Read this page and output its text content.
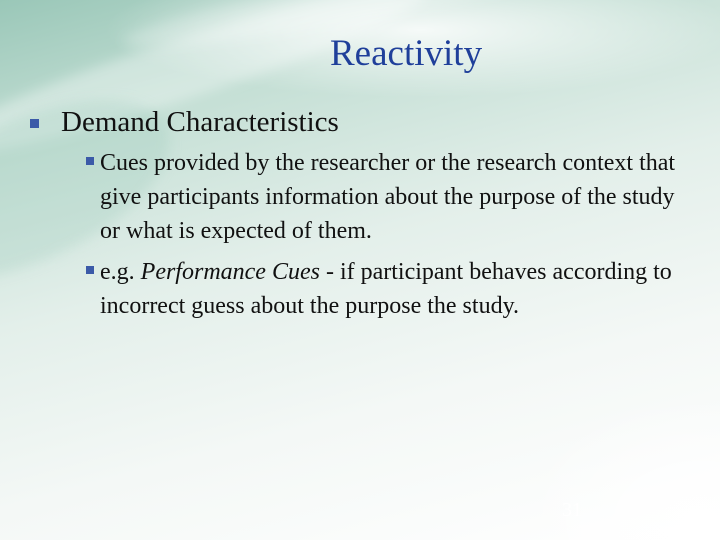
Reactivity
Demand Characteristics
Cues provided by the researcher or the research context that give participants information about the purpose of the study or what is expected of them.
e.g. Performance Cues - if participant behaves according to incorrect guess about the purpose the study.
31
